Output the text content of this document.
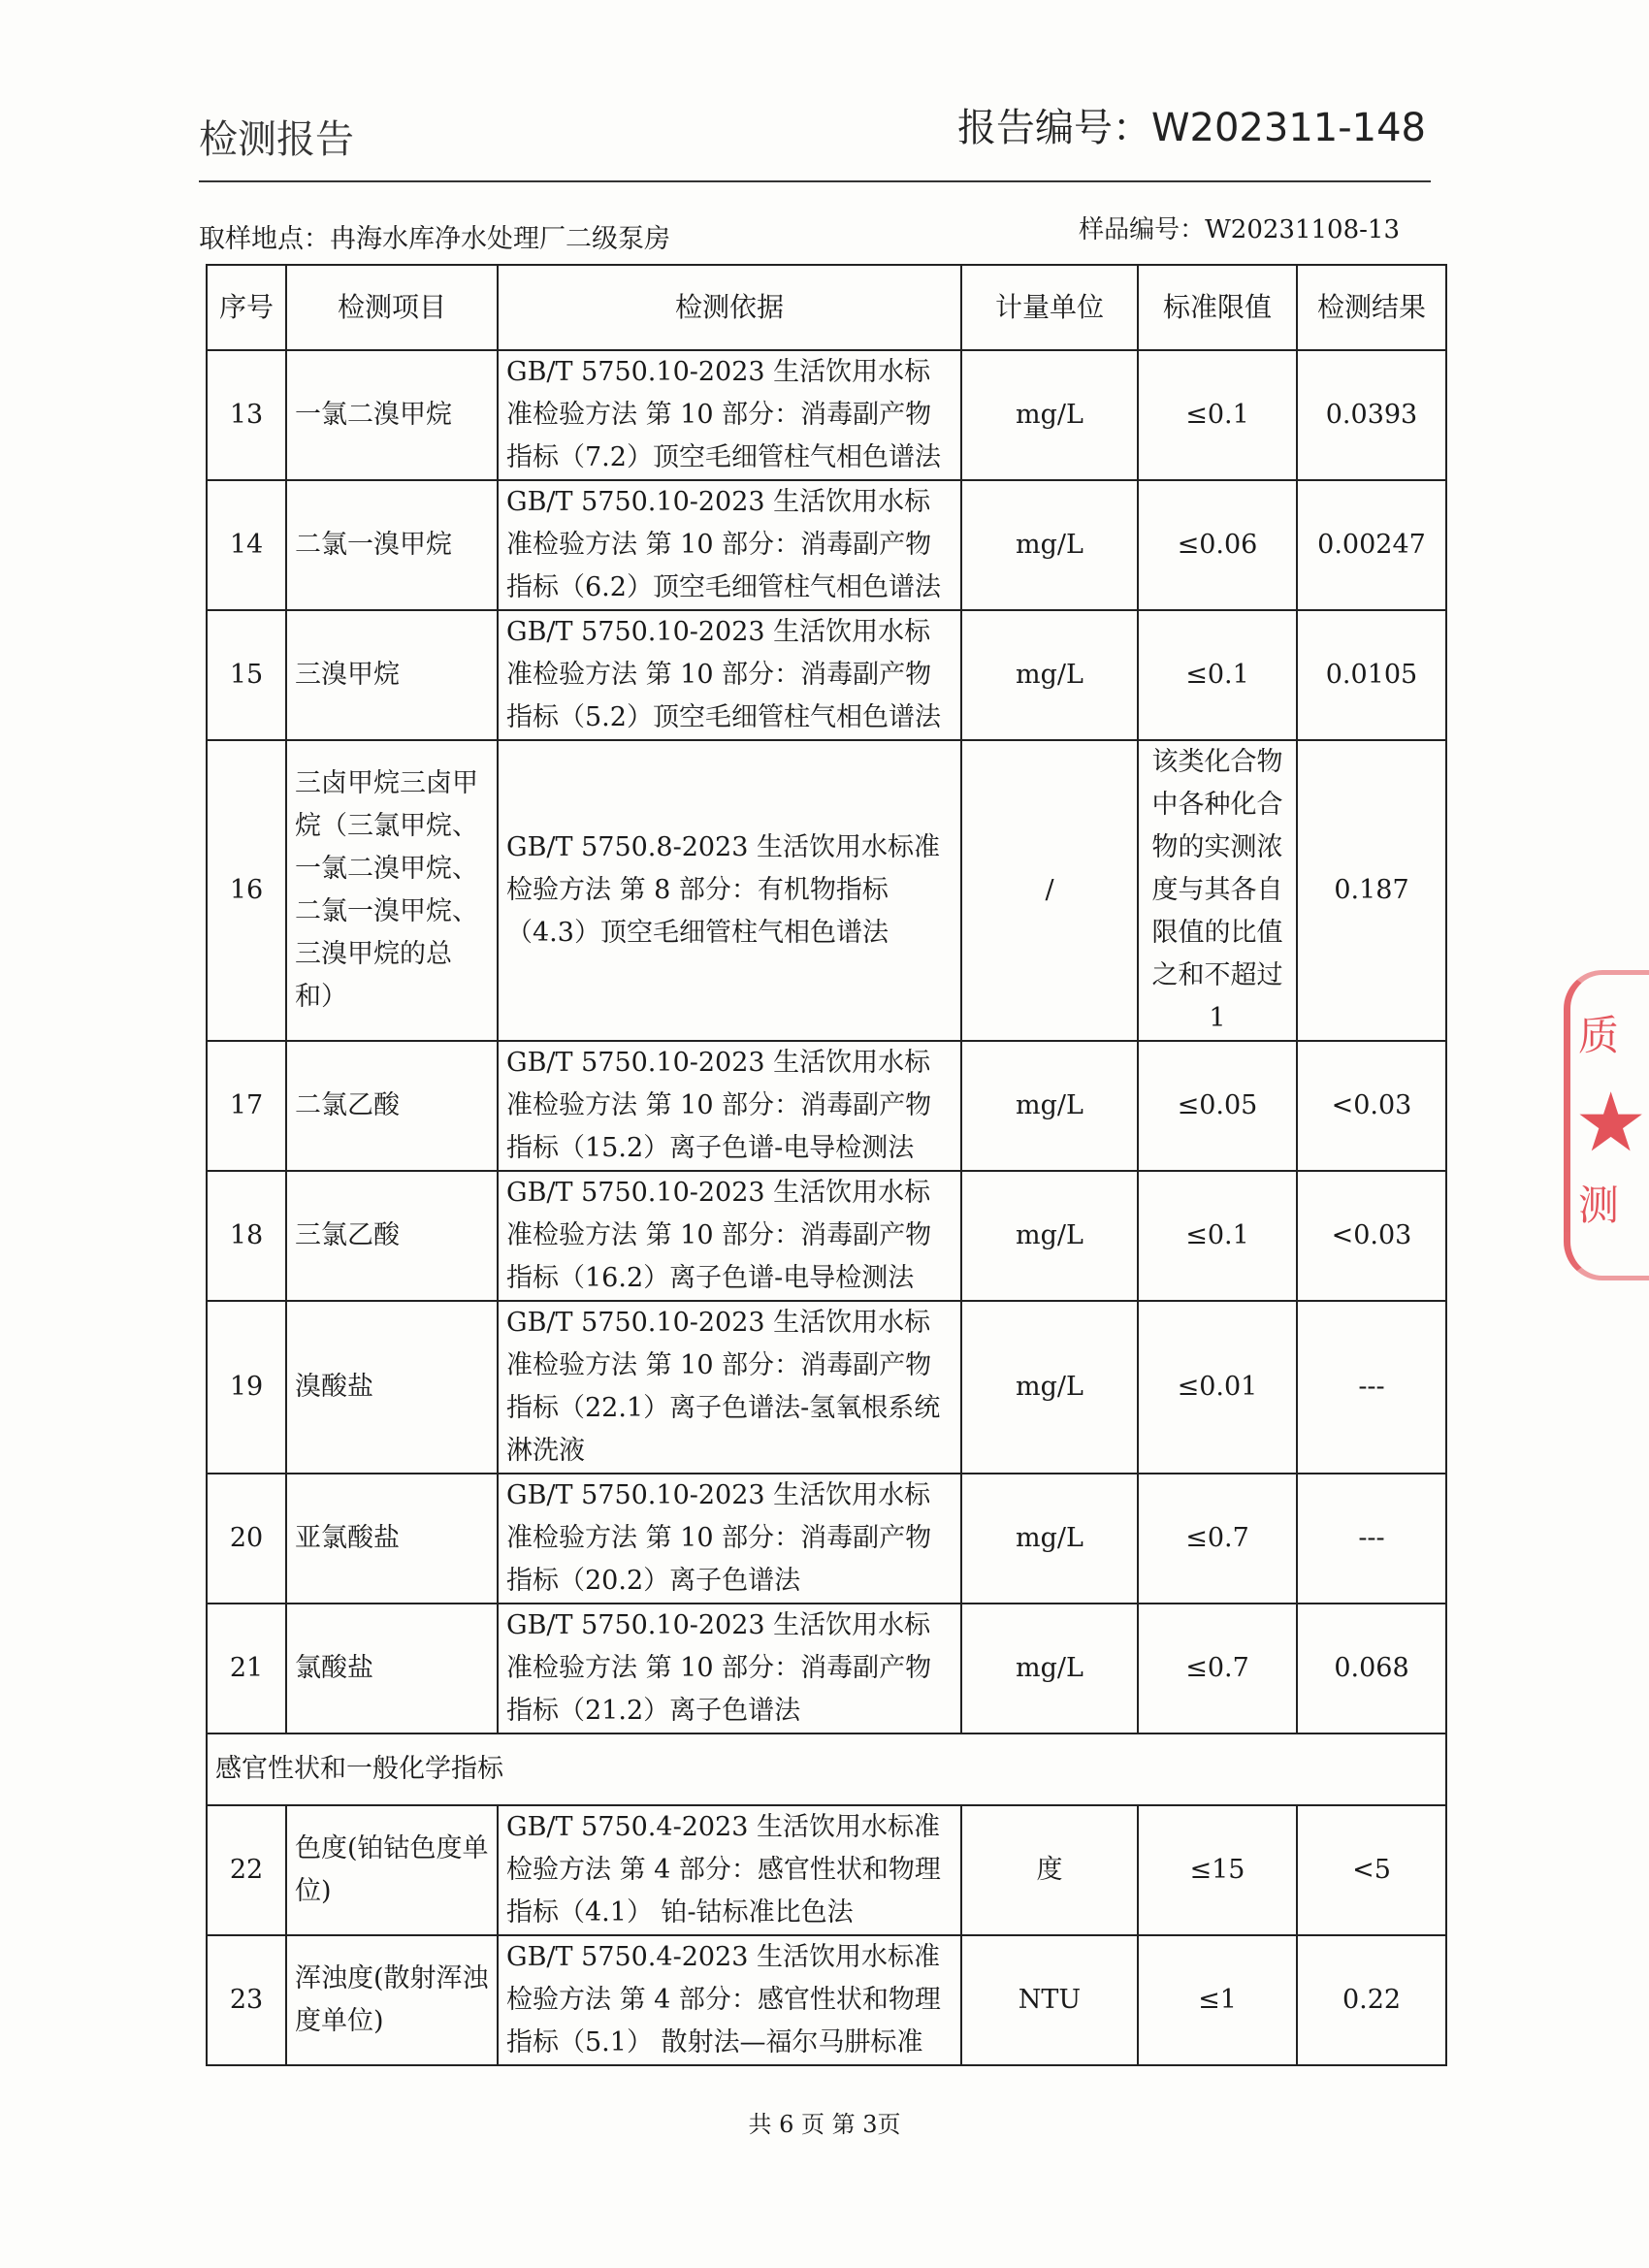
检测报告	报告编号：W202311-148
取样地点：冉海水库净水处理厂二级泵房	样品编号：W20231108-13
序号	检测项目	检测依据	计量单位	标准限值	检测结果
13	一氯二溴甲烷	GB/T 5750.10-2023 生活饮用水标准检验方法 第 10 部分：消毒副产物指标（7.2）顶空毛细管柱气相色谱法	mg/L	≤0.1	0.0393
14	二氯一溴甲烷	GB/T 5750.10-2023 生活饮用水标准检验方法 第 10 部分：消毒副产物指标（6.2）顶空毛细管柱气相色谱法	mg/L	≤0.06	0.00247
15	三溴甲烷	GB/T 5750.10-2023 生活饮用水标准检验方法 第 10 部分：消毒副产物指标（5.2）顶空毛细管柱气相色谱法	mg/L	≤0.1	0.0105
16	三卤甲烷三卤甲烷（三氯甲烷、一氯二溴甲烷、二氯一溴甲烷、三溴甲烷的总和）	GB/T 5750.8-2023 生活饮用水标准检验方法 第 8 部分：有机物指标（4.3）顶空毛细管柱气相色谱法	/	该类化合物中各种化合物的实测浓度与其各自限值的比值之和不超过1	0.187
17	二氯乙酸	GB/T 5750.10-2023 生活饮用水标准检验方法 第 10 部分：消毒副产物指标（15.2）离子色谱-电导检测法	mg/L	≤0.05	<0.03
18	三氯乙酸	GB/T 5750.10-2023 生活饮用水标准检验方法 第 10 部分：消毒副产物指标（16.2）离子色谱-电导检测法	mg/L	≤0.1	<0.03
19	溴酸盐	GB/T 5750.10-2023 生活饮用水标准检验方法 第 10 部分：消毒副产物指标（22.1）离子色谱法-氢氧根系统淋洗液	mg/L	≤0.01	---
20	亚氯酸盐	GB/T 5750.10-2023 生活饮用水标准检验方法 第 10 部分：消毒副产物指标（20.2）离子色谱法	mg/L	≤0.7	---
21	氯酸盐	GB/T 5750.10-2023 生活饮用水标准检验方法 第 10 部分：消毒副产物指标（21.2）离子色谱法	mg/L	≤0.7	0.068
感官性状和一般化学指标					
22	色度(铂钴色度单位)	GB/T 5750.4-2023 生活饮用水标准检验方法 第 4 部分：感官性状和物理指标（4.1） 铂-钴标准比色法	度	≤15	<5
23	浑浊度(散射浑浊度单位)	GB/T 5750.4-2023 生活饮用水标准检验方法 第 4 部分：感官性状和物理指标（5.1） 散射法—福尔马肼标准	NTU	≤1	0.22
共 6 页 第 3页
质
★
测
